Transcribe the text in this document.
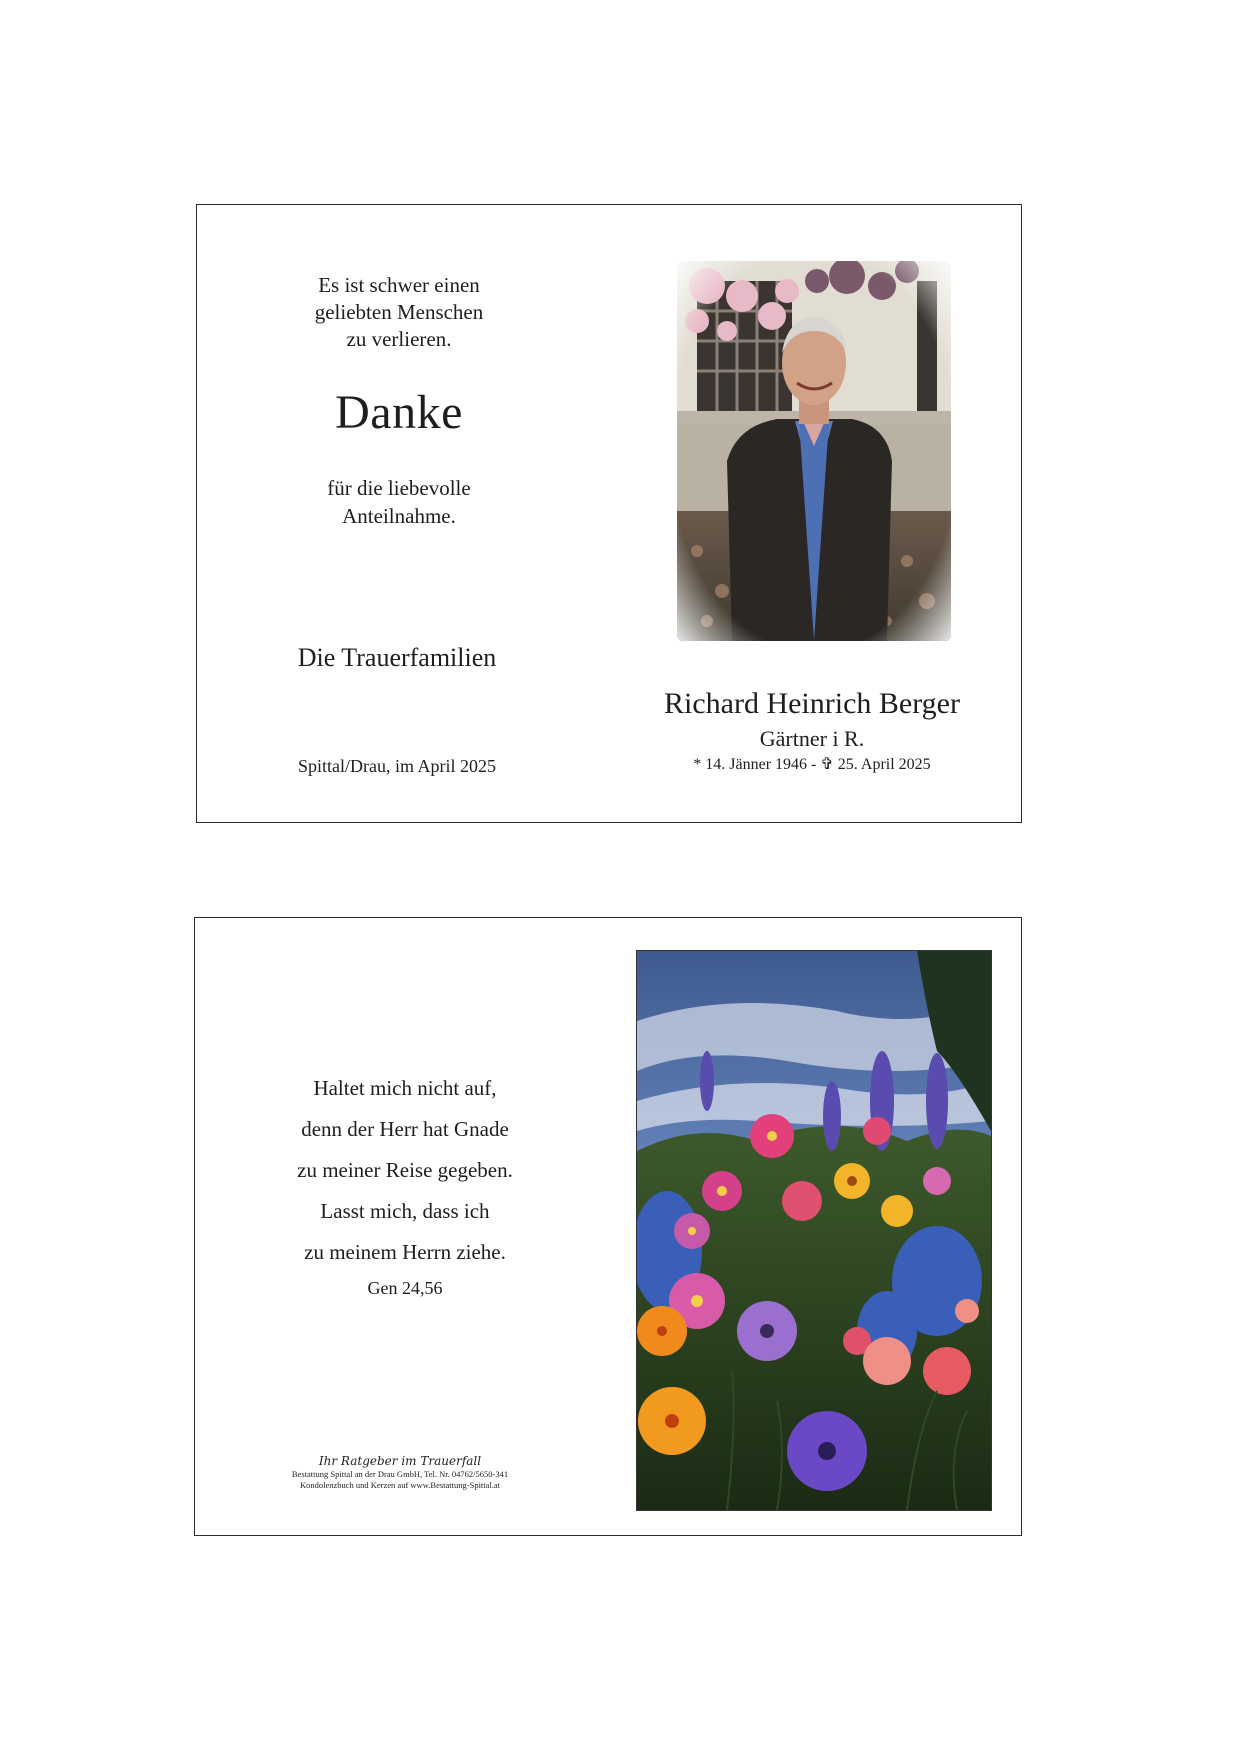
Es ist schwer einen
geliebten Menschen
zu verlieren.
Danke
für die liebevolle
Anteilnahme.
Die Trauerfamilien
Spittal/Drau, im April 2025
Richard Heinrich Berger
Gärtner i R.
* 14. Jänner 1946 - ✞ 25. April 2025
Haltet mich nicht auf,
denn der Herr hat Gnade
zu meiner Reise gegeben.
Lasst mich, dass ich
zu meinem Herrn ziehe.
Gen 24,56
Ihr Ratgeber im Trauerfall
Bestattung Spittal an der Drau GmbH, Tel. Nr. 04762/5650-341
Kondolenzbuch und Kerzen auf www.Bestattung-Spittal.at
